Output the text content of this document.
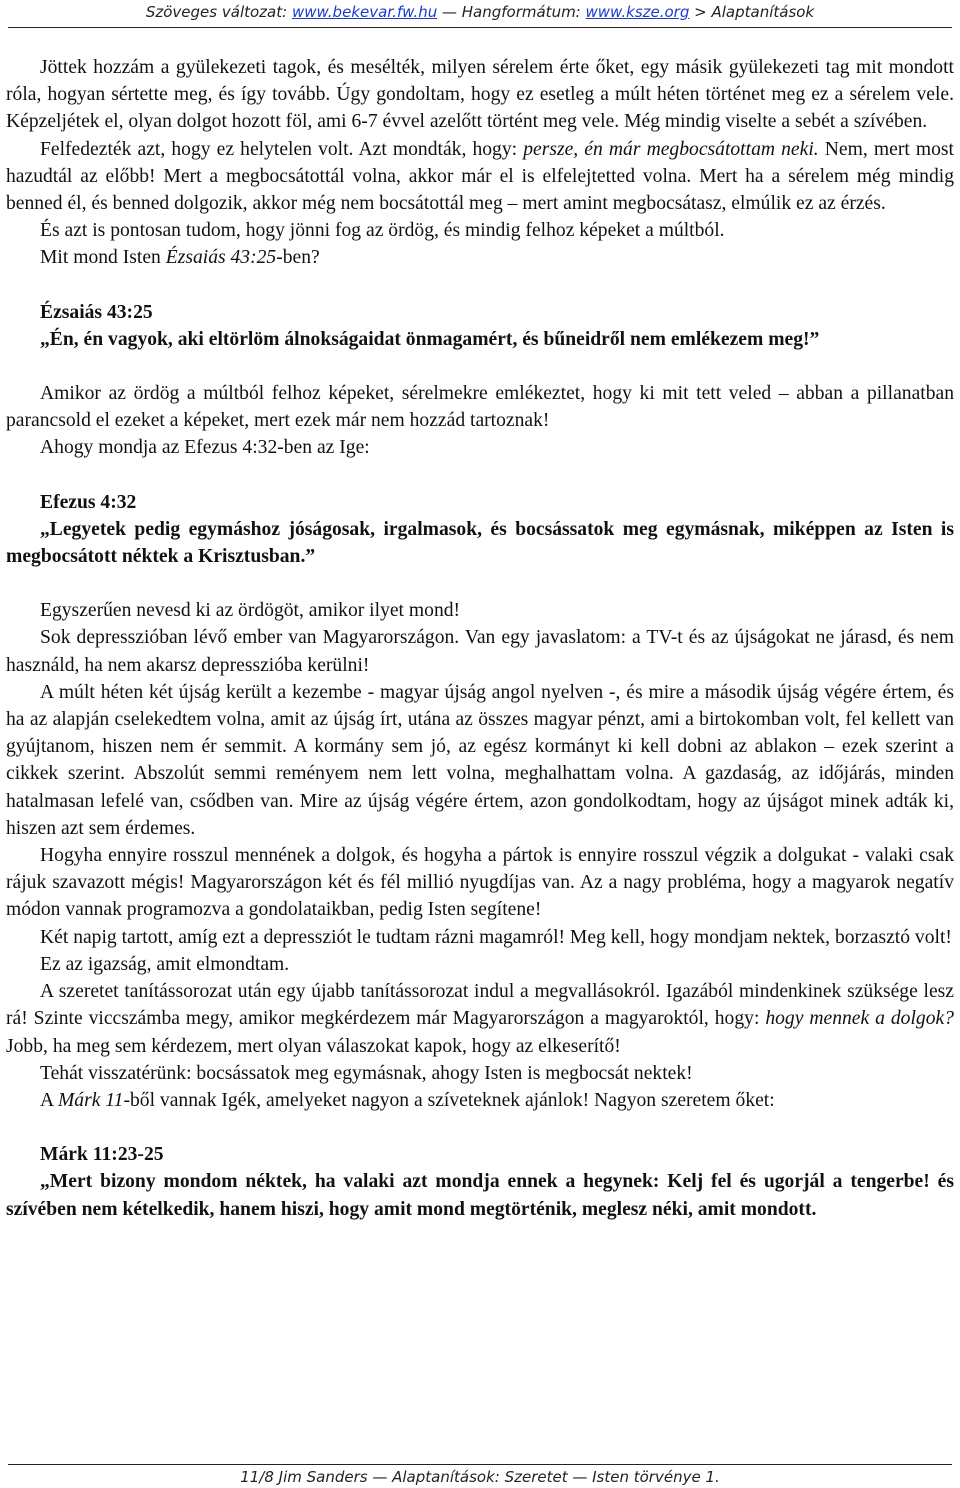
Szöveges változat: www.bekevar.fw.hu — Hangformátum: www.ksze.org > Alaptanítások

Jöttek hozzám a gyülekezeti tagok, és mesélték, milyen sérelem érte őket, egy másik gyülekezeti tag mit mondott róla, hogyan sértette meg, és így tovább. Úgy gondoltam, hogy ez esetleg a múlt héten történet meg ez a sérelem vele. Képzeljétek el, olyan dolgot hozott föl, ami 6-7 évvel azelőtt történt meg vele. Még mindig viselte a sebét a szívében.

Felfedezték azt, hogy ez helytelen volt. Azt mondták, hogy: persze, én már megbocsátottam neki. Nem, mert most hazudtál az előbb! Mert a megbocsátottál volna, akkor már el is elfelejtetted volna. Mert ha a sérelem még mindig benned él, és benned dolgozik, akkor még nem bocsátottál meg – mert amint megbocsátasz, elmúlik ez az érzés.

És azt is pontosan tudom, hogy jönni fog az ördög, és mindig felhoz képeket a múltból.

Mit mond Isten Ézsaiás 43:25-ben?

Ézsaiás 43:25

„Én, én vagyok, aki eltörlöm álnokságaidat önmagamért, és bűneidről nem emlékezem meg!”

Amikor az ördög a múltból felhoz képeket, sérelmekre emlékeztet, hogy ki mit tett veled – abban a pillanatban parancsold el ezeket a képeket, mert ezek már nem hozzád tartoznak!

Ahogy mondja az Efezus 4:32-ben az Ige:

Efezus 4:32

„Legyetek pedig egymáshoz jóságosak, irgalmasok, és bocsássatok meg egymásnak, miképpen az Isten is megbocsátott néktek a Krisztusban.”

Egyszerűen nevesd ki az ördögöt, amikor ilyet mond!

Sok depresszióban lévő ember van Magyarországon. Van egy javaslatom: a TV-t és az újságokat ne járasd, és nem használd, ha nem akarsz depresszióba kerülni!

A múlt héten két újság került a kezembe - magyar újság angol nyelven -, és mire a második újság végére értem, és ha az alapján cselekedtem volna, amit az újság írt, utána az összes magyar pénzt, ami a birtokomban volt, fel kellett van gyújtanom, hiszen nem ér semmit. A kormány sem jó, az egész kormányt ki kell dobni az ablakon – ezek szerint a cikkek szerint. Abszolút semmi reményem nem lett volna, meghalhattam volna. A gazdaság, az időjárás, minden hatalmasan lefelé van, csődben van. Mire az újság végére értem, azon gondolkodtam, hogy az újságot minek adták ki, hiszen azt sem érdemes.

Hogyha ennyire rosszul mennének a dolgok, és hogyha a pártok is ennyire rosszul végzik a dolgukat - valaki csak rájuk szavazott mégis! Magyarországon két és fél millió nyugdíjas van. Az a nagy probléma, hogy a magyarok negatív módon vannak programozva a gondolataikban, pedig Isten segítene!

Két napig tartott, amíg ezt a depressziót le tudtam rázni magamról! Meg kell, hogy mondjam nektek, borzasztó volt!

Ez az igazság, amit elmondtam.

A szeretet tanítássorozat után egy újabb tanítássorozat indul a megvallásokról. Igazából mindenkinek szüksége lesz rá! Szinte viccszámba megy, amikor megkérdezem már Magyarországon a magyaroktól, hogy: hogy mennek a dolgok? Jobb, ha meg sem kérdezem, mert olyan válaszokat kapok, hogy az elkeserítő!

Tehát visszatérünk: bocsássatok meg egymásnak, ahogy Isten is megbocsát nektek!

A Márk 11-ből vannak Igék, amelyeket nagyon a szíveteknek ajánlok! Nagyon szeretem őket:

Márk 11:23-25

„Mert bizony mondom néktek, ha valaki azt mondja ennek a hegynek: Kelj fel és ugorjál a tengerbe! és szívében nem kételkedik, hanem hiszi, hogy amit mond megtörténik, meglesz néki, amit mondott.

11/8 Jim Sanders — Alaptanítások: Szeretet — Isten törvénye 1.
